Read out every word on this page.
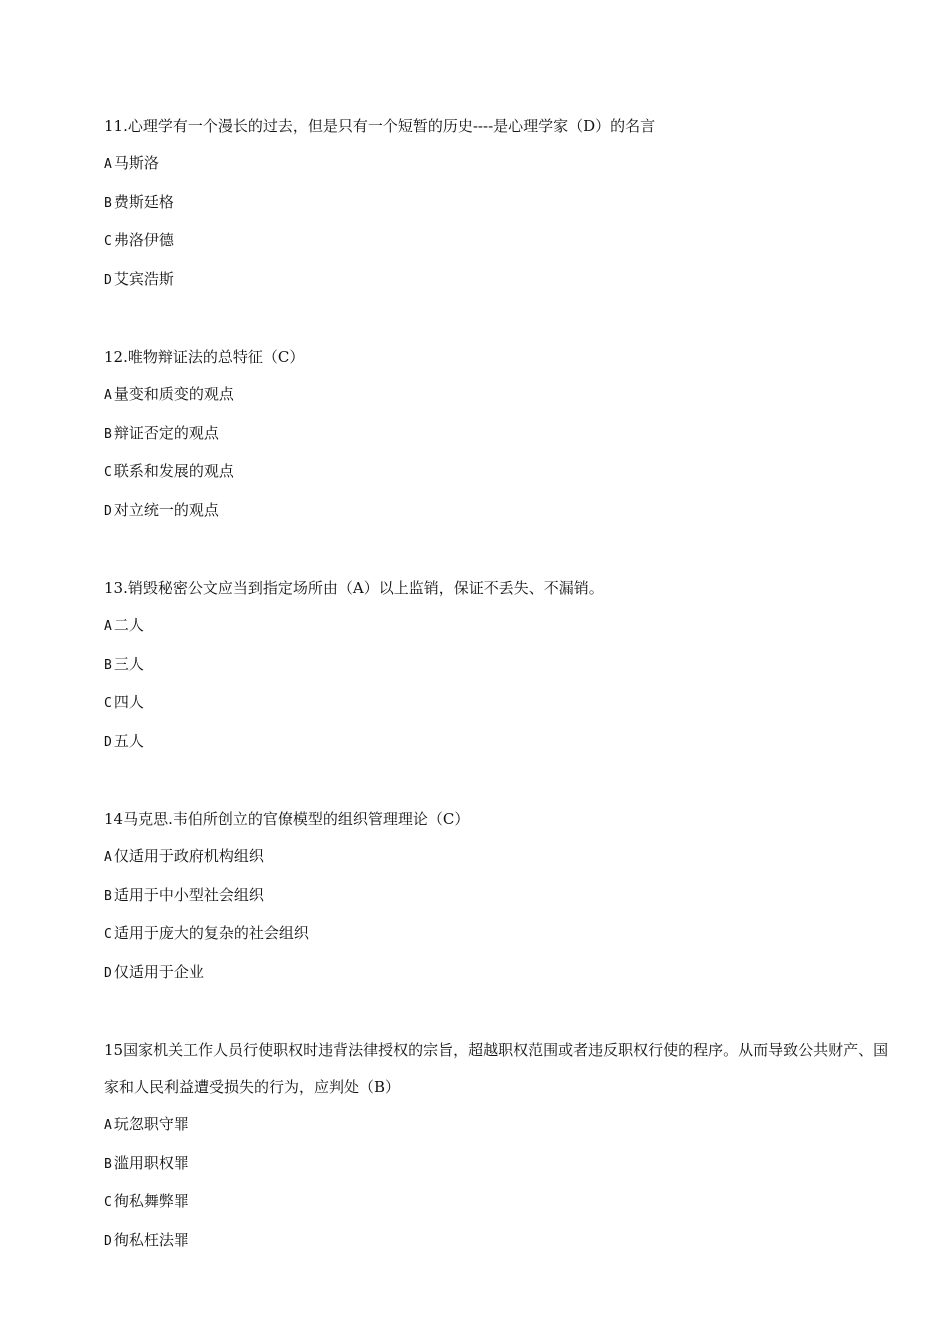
11.心理学有一个漫长的过去，但是只有一个短暂的历史----是心理学家（D）的名言

A 马斯洛

B 费斯廷格

C 弗洛伊德

D 艾宾浩斯

12.唯物辩证法的总特征（C）

A 量变和质变的观点

B 辩证否定的观点

C 联系和发展的观点

D 对立统一的观点

13.销毁秘密公文应当到指定场所由（A）以上监销，保证不丢失、不漏销。

A 二人

B 三人

C 四人

D 五人

14马克思.韦伯所创立的官僚模型的组织管理理论（C）

A 仅适用于政府机构组织

B 适用于中小型社会组织

C 适用于庞大的复杂的社会组织

D 仅适用于企业

15国家机关工作人员行使职权时违背法律授权的宗旨，超越职权范围或者违反职权行使的程序。从而导致公共财产、国家和人民利益遭受损失的行为，应判处（B）

A 玩忽职守罪

B 滥用职权罪

C 徇私舞弊罪

D 徇私枉法罪
